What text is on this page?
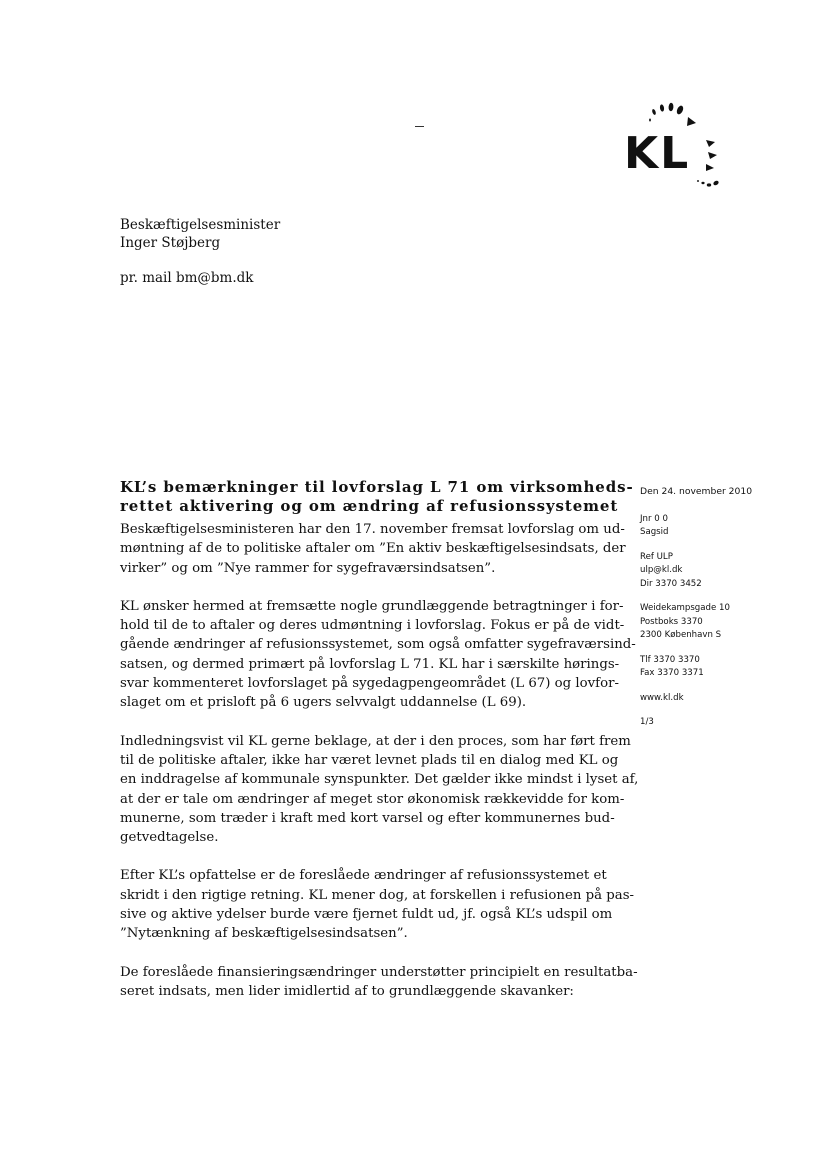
KL
Beskæftigelsesminister
Inger Støjberg
pr. mail bm@bm.dk
KL’s bemærkninger til lovforslag L 71 om virksomheds-
rettet aktivering og om ændring af refusionssystemet
Beskæftigelsesministeren har den 17. november fremsat lovforslag om ud-
møntning af de to politiske aftaler om ”En aktiv beskæftigelsesindsats, der
virker” og om ”Nye rammer for sygefraværsindsatsen”.
KL ønsker hermed at fremsætte nogle grundlæggende betragtninger i for-
hold til de to aftaler og deres udmøntning i lovforslag. Fokus er på de vidt-
gående ændringer af refusionssystemet, som også omfatter sygefraværsind-
satsen, og dermed primært på lovforslag L 71. KL har i særskilte hørings-
svar kommenteret lovforslaget på sygedagpengeområdet (L 67) og lovfor-
slaget om et prisloft på 6 ugers selvvalgt uddannelse (L 69).
Indledningsvist vil KL gerne beklage, at der i den proces, som har ført frem
til de politiske aftaler, ikke har været levnet plads til en dialog med KL og
en inddragelse af kommunale synspunkter. Det gælder ikke mindst i lyset af,
at der er tale om ændringer af meget stor økonomisk rækkevidde for kom-
munerne, som træder i kraft med kort varsel og efter kommunernes bud-
getvedtagelse.
Efter KL’s opfattelse er de foreslåede ændringer af refusionssystemet et
skridt i den rigtige retning. KL mener dog, at forskellen i refusionen på pas-
sive og aktive ydelser burde være fjernet fuldt ud, jf. også KL’s udspil om
”Nytænkning af beskæftigelsesindsatsen”.
De foreslåede finansieringsændringer understøtter principielt en resultatba-
seret indsats, men lider imidlertid af to grundlæggende skavanker:
Den 24. november 2010
Jnr 0 0
Sagsid
Ref ULP
ulp@kl.dk
Dir 3370 3452
Weidekampsgade 10
Postboks 3370
2300 København S
Tlf 3370 3370
Fax 3370 3371
www.kl.dk
1/3
